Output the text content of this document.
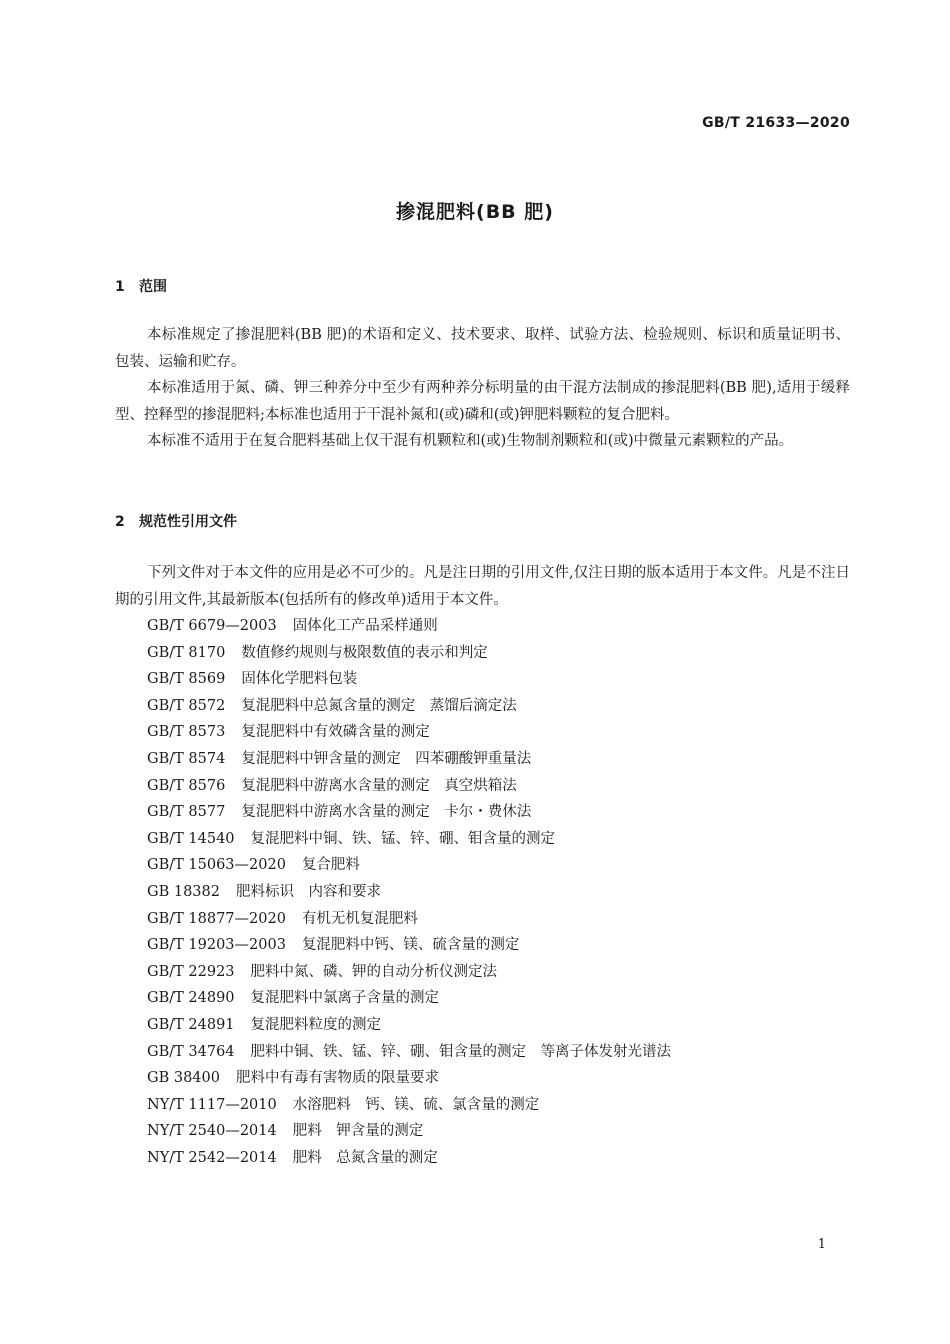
GB/T 21633—2020
掺混肥料(BB 肥)
1 范围

本标准规定了掺混肥料(BB 肥)的术语和定义、技术要求、取样、试验方法、检验规则、标识和质量证明书、包装、运输和贮存。

本标准适用于氮、磷、钾三种养分中至少有两种养分标明量的由干混方法制成的掺混肥料(BB 肥),适用于缓释型、控释型的掺混肥料;本标准也适用于干混补氮和(或)磷和(或)钾肥料颗粒的复合肥料。

本标准不适用于在复合肥料基础上仅干混有机颗粒和(或)生物制剂颗粒和(或)中微量元素颗粒的产品。

2 规范性引用文件

下列文件对于本文件的应用是必不可少的。凡是注日期的引用文件,仅注日期的版本适用于本文件。凡是不注日期的引用文件,其最新版本(包括所有的修改单)适用于本文件。

GB/T 6679—2003 固体化工产品采样通则
GB/T 8170 数值修约规则与极限数值的表示和判定
GB/T 8569 固体化学肥料包装
GB/T 8572 复混肥料中总氮含量的测定　蒸馏后滴定法
GB/T 8573 复混肥料中有效磷含量的测定
GB/T 8574 复混肥料中钾含量的测定　四苯硼酸钾重量法
GB/T 8576 复混肥料中游离水含量的测定　真空烘箱法
GB/T 8577 复混肥料中游离水含量的测定　卡尔・费休法
GB/T 14540 复混肥料中铜、铁、锰、锌、硼、钼含量的测定
GB/T 15063—2020 复合肥料
GB 18382 肥料标识　内容和要求
GB/T 18877—2020 有机无机复混肥料
GB/T 19203—2003 复混肥料中钙、镁、硫含量的测定
GB/T 22923 肥料中氮、磷、钾的自动分析仪测定法
GB/T 24890 复混肥料中氯离子含量的测定
GB/T 24891 复混肥料粒度的测定
GB/T 34764 肥料中铜、铁、锰、锌、硼、钼含量的测定　等离子体发射光谱法
GB 38400 肥料中有毒有害物质的限量要求
NY/T 1117—2010 水溶肥料　钙、镁、硫、氯含量的测定
NY/T 2540—2014 肥料　钾含量的测定
NY/T 2542—2014 肥料　总氮含量的测定
1
